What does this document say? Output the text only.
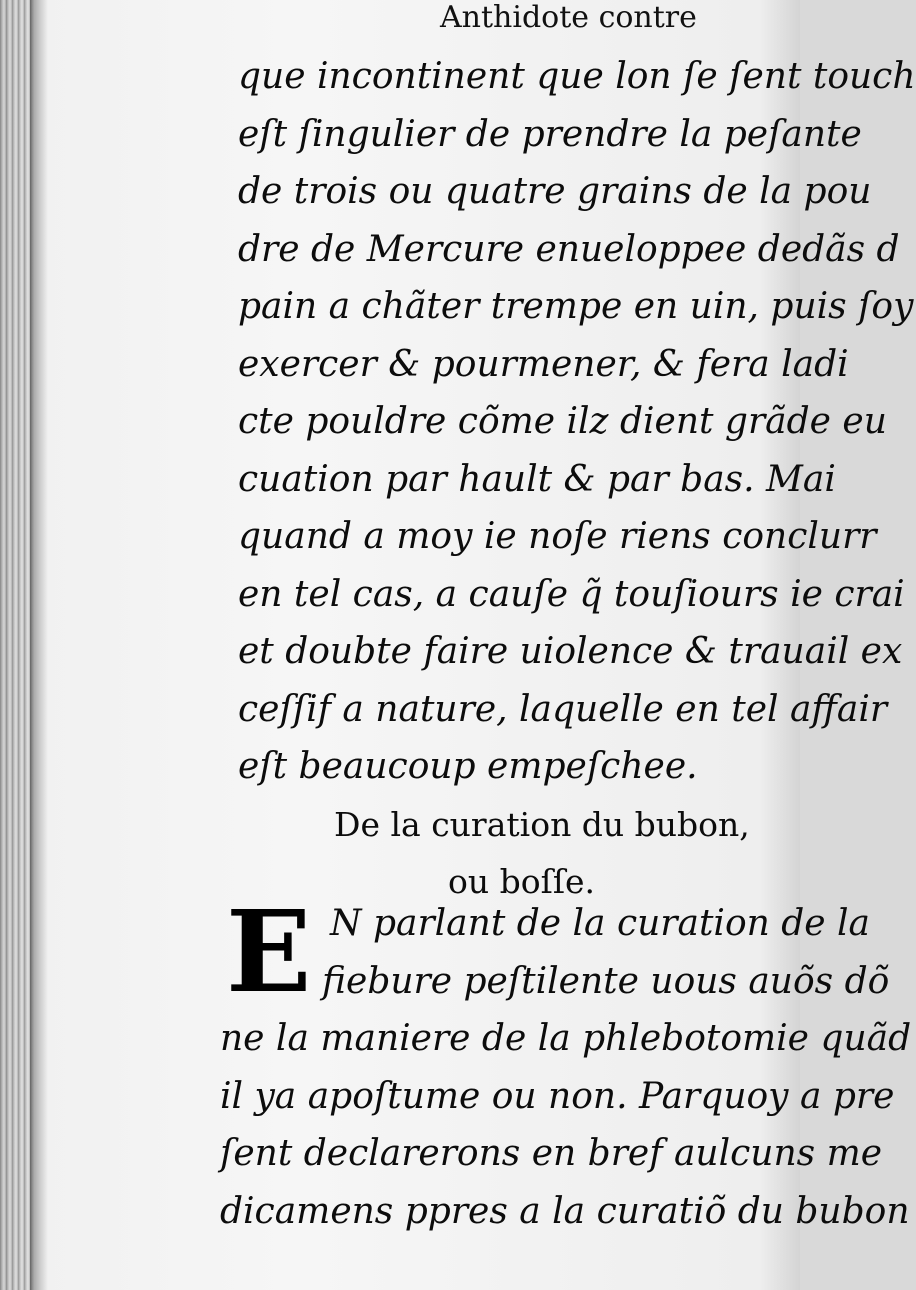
Anthidote contre
que incontinent que lon ſe ſent touch
eſt ſingulier de prendre la peſante
de trois ou quatre grains de la pou
dre de Mercure enueloppee dedãs d
pain a chãter trempe en uin, puis ſoy
exercer & pourmener, & fera ladi
cte pouldre cõme ilz dient grãde eu
cuation par hault & par bas. Mai
quand a moy ie noſe riens conclurr
en tel cas, a cauſe q̃ touſiours ie crai
et doubte faire uiolence & trauail ex
ceſſif a nature, laquelle en tel affair
eſt beaucoup empeſchee.
De la curation du bubon,
ou boſſe.
E N parlant de la curation de la
fiebure peſtilente uous auõs dõ
ne la maniere de la phlebotomie quãd
il ya apoſtume ou non. Parquoy a pre
ſent declarerons en bref aulcuns me
dicamens ppres a la curatiõ du bubon
